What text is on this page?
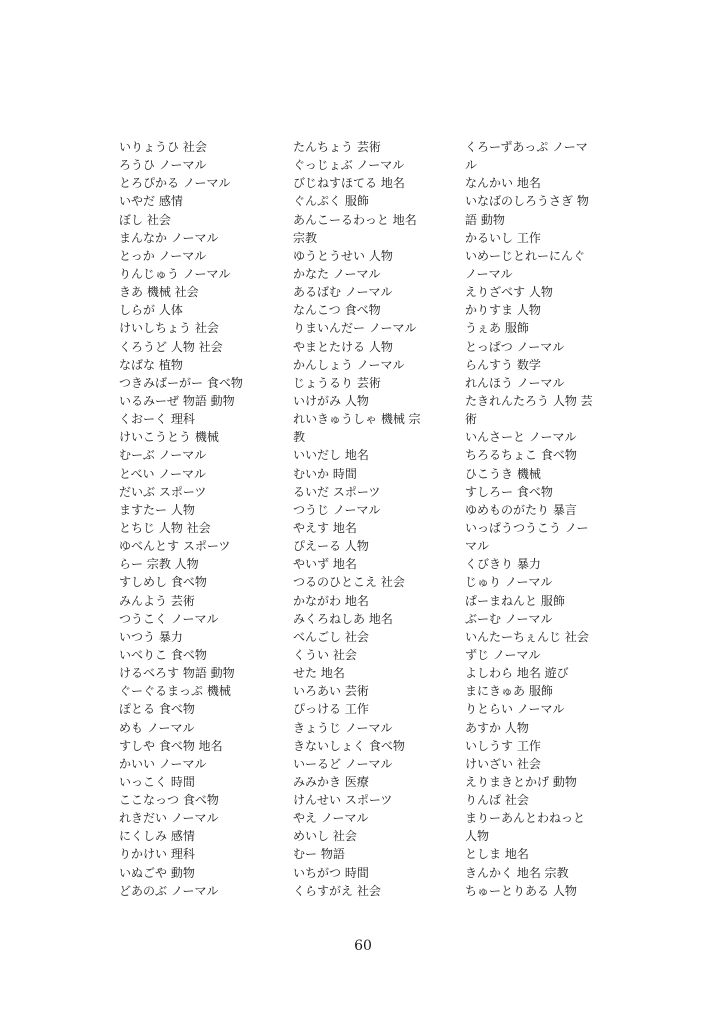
いりょうひ 社会
ろうひ ノーマル
とろぴかる ノーマル
いやだ 感情
ぼし 社会
まんなか ノーマル
とっか ノーマル
りんじゅう ノーマル
きあ 機械 社会
しらが 人体
けいしちょう 社会
くろうど 人物 社会
なばな 植物
つきみばーがー 食べ物
いるみーぜ 物語 動物
くおーく 理科
けいこうとう 機械
むーぶ ノーマル
とべい ノーマル
だいぶ スポーツ
ますたー 人物
とちじ 人物 社会
ゆべんとす スポーツ
らー 宗教 人物
すしめし 食べ物
みんよう 芸術
つうこく ノーマル
いつう 暴力
いべりこ 食べ物
けるべろす 物語 動物
ぐーぐるまっぷ 機械
ぽとる 食べ物
めも ノーマル
すしや 食べ物 地名
かいい ノーマル
いっこく 時間
ここなっつ 食べ物
れきだい ノーマル
にくしみ 感情
りかけい 理科
いぬごや 動物
どあのぶ ノーマル
たんちょう 芸術
ぐっじょぶ ノーマル
びじねすほてる 地名
ぐんぷく 服飾
あんこーるわっと 地名
宗教
ゆうとうせい 人物
かなた ノーマル
あるばむ ノーマル
なんこつ 食べ物
りまいんだー ノーマル
やまとたける 人物
かんしょう ノーマル
じょうるり 芸術
いけがみ 人物
れいきゅうしゃ 機械 宗
教
いいだし 地名
むいか 時間
るいだ スポーツ
つうじ ノーマル
やえす 地名
ぴえーる 人物
やいず 地名
つるのひとこえ 社会
かながわ 地名
みくろねしあ 地名
べんごし 社会
くうい 社会
せた 地名
いろあい 芸術
ぴっける 工作
きょうじ ノーマル
きないしょく 食べ物
いーるど ノーマル
みみかき 医療
けんせい スポーツ
やえ ノーマル
めいし 社会
むー 物語
いちがつ 時間
くらすがえ 社会
くろーずあっぷ ノーマ
ル
なんかい 地名
いなばのしろうさぎ 物
語 動物
かるいし 工作
いめーじとれーにんぐ
ノーマル
えりざべす 人物
かりすま 人物
うぇあ 服飾
とっぱつ ノーマル
らんすう 数学
れんほう ノーマル
たきれんたろう 人物 芸
術
いんさーと ノーマル
ちろるちょこ 食べ物
ひこうき 機械
すしろー 食べ物
ゆめものがたり 暴言
いっぱうつうこう ノー
マル
くびきり 暴力
じゅり ノーマル
ぱーまねんと 服飾
ぶーむ ノーマル
いんたーちぇんじ 社会
ずじ ノーマル
よしわら 地名 遊び
まにきゅあ 服飾
りとらい ノーマル
あすか 人物
いしうす 工作
けいざい 社会
えりまきとかげ 動物
りんぱ 社会
まりーあんとわねっと
人物
としま 地名
きんかく 地名 宗教
ちゅーとりある 人物
60
